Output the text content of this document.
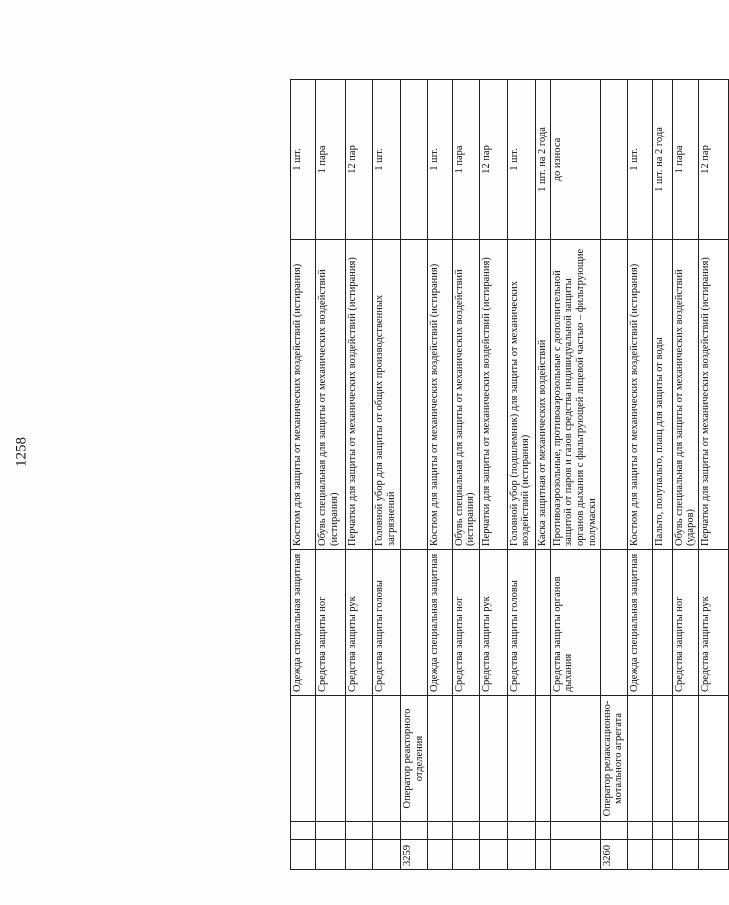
1258
			Одежда специальная защитная	Костюм для защиты от механических воздействий (истирания)	1 шт.
			Средства защиты ног	Обувь специальная для защиты от механических воздействий (истирания)	1 пара
			Средства защиты рук	Перчатки для защиты от механических воздействий (истирания)	12 пар
			Средства защиты головы	Головной убор для защиты от общих производственных загрязнений	1 шт.
3259		Оператор реакторного отделения			
			Одежда специальная защитная	Костюм для защиты от механических воздействий (истирания)	1 шт.
			Средства защиты ног	Обувь специальная для защиты от механических воздействий (истирания)	1 пара
			Средства защиты рук	Перчатки для защиты от механических воздействий (истирания)	12 пар
			Средства защиты головы	Головной убор (подшлемник) для защиты от механических воздействий (истирания)	1 шт.
				Каска защитная от механических воздействий	1 шт. на 2 года
			Средства защиты органов дыхания	Противоаэрозольные, противоаэрозольные с дополнительной защитой от паров и газов средства индивидуальной защиты органов дыхания с фильтрующей лицевой частью – фильтрующие полумаски	до износа
3260		Оператор релаксационно-мотального агрегата			
			Одежда специальная защитная	Костюм для защиты от механических воздействий (истирания)	1 шт.
				Пальто, полупальто, плащ для защиты от воды	1 шт. на 2 года
			Средства защиты ног	Обувь специальная для защиты от механических воздействий (ударов)	1 пара
			Средства защиты рук	Перчатки для защиты от механических воздействий (истирания)	12 пар
